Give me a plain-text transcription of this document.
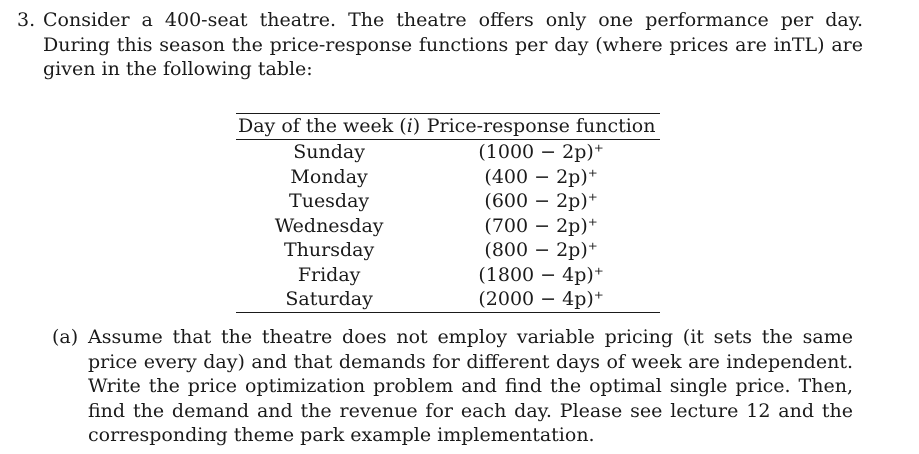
3. Consider a 400-seat theatre. The theatre offers only one performance per day. During this season the price-response functions per day (where prices are inTL) are given in the following table:
Day of the week (i)	Price-response function
Sunday	(1000 − 2p)⁺
Monday	(400 − 2p)⁺
Tuesday	(600 − 2p)⁺
Wednesday	(700 − 2p)⁺
Thursday	(800 − 2p)⁺
Friday	(1800 − 4p)⁺
Saturday	(2000 − 4p)⁺
(a) Assume that the theatre does not employ variable pricing (it sets the same price every day) and that demands for different days of week are independent. Write the price optimization problem and find the optimal single price. Then, find the demand and the revenue for each day. Please see lecture 12 and the corresponding theme park example implementation.
